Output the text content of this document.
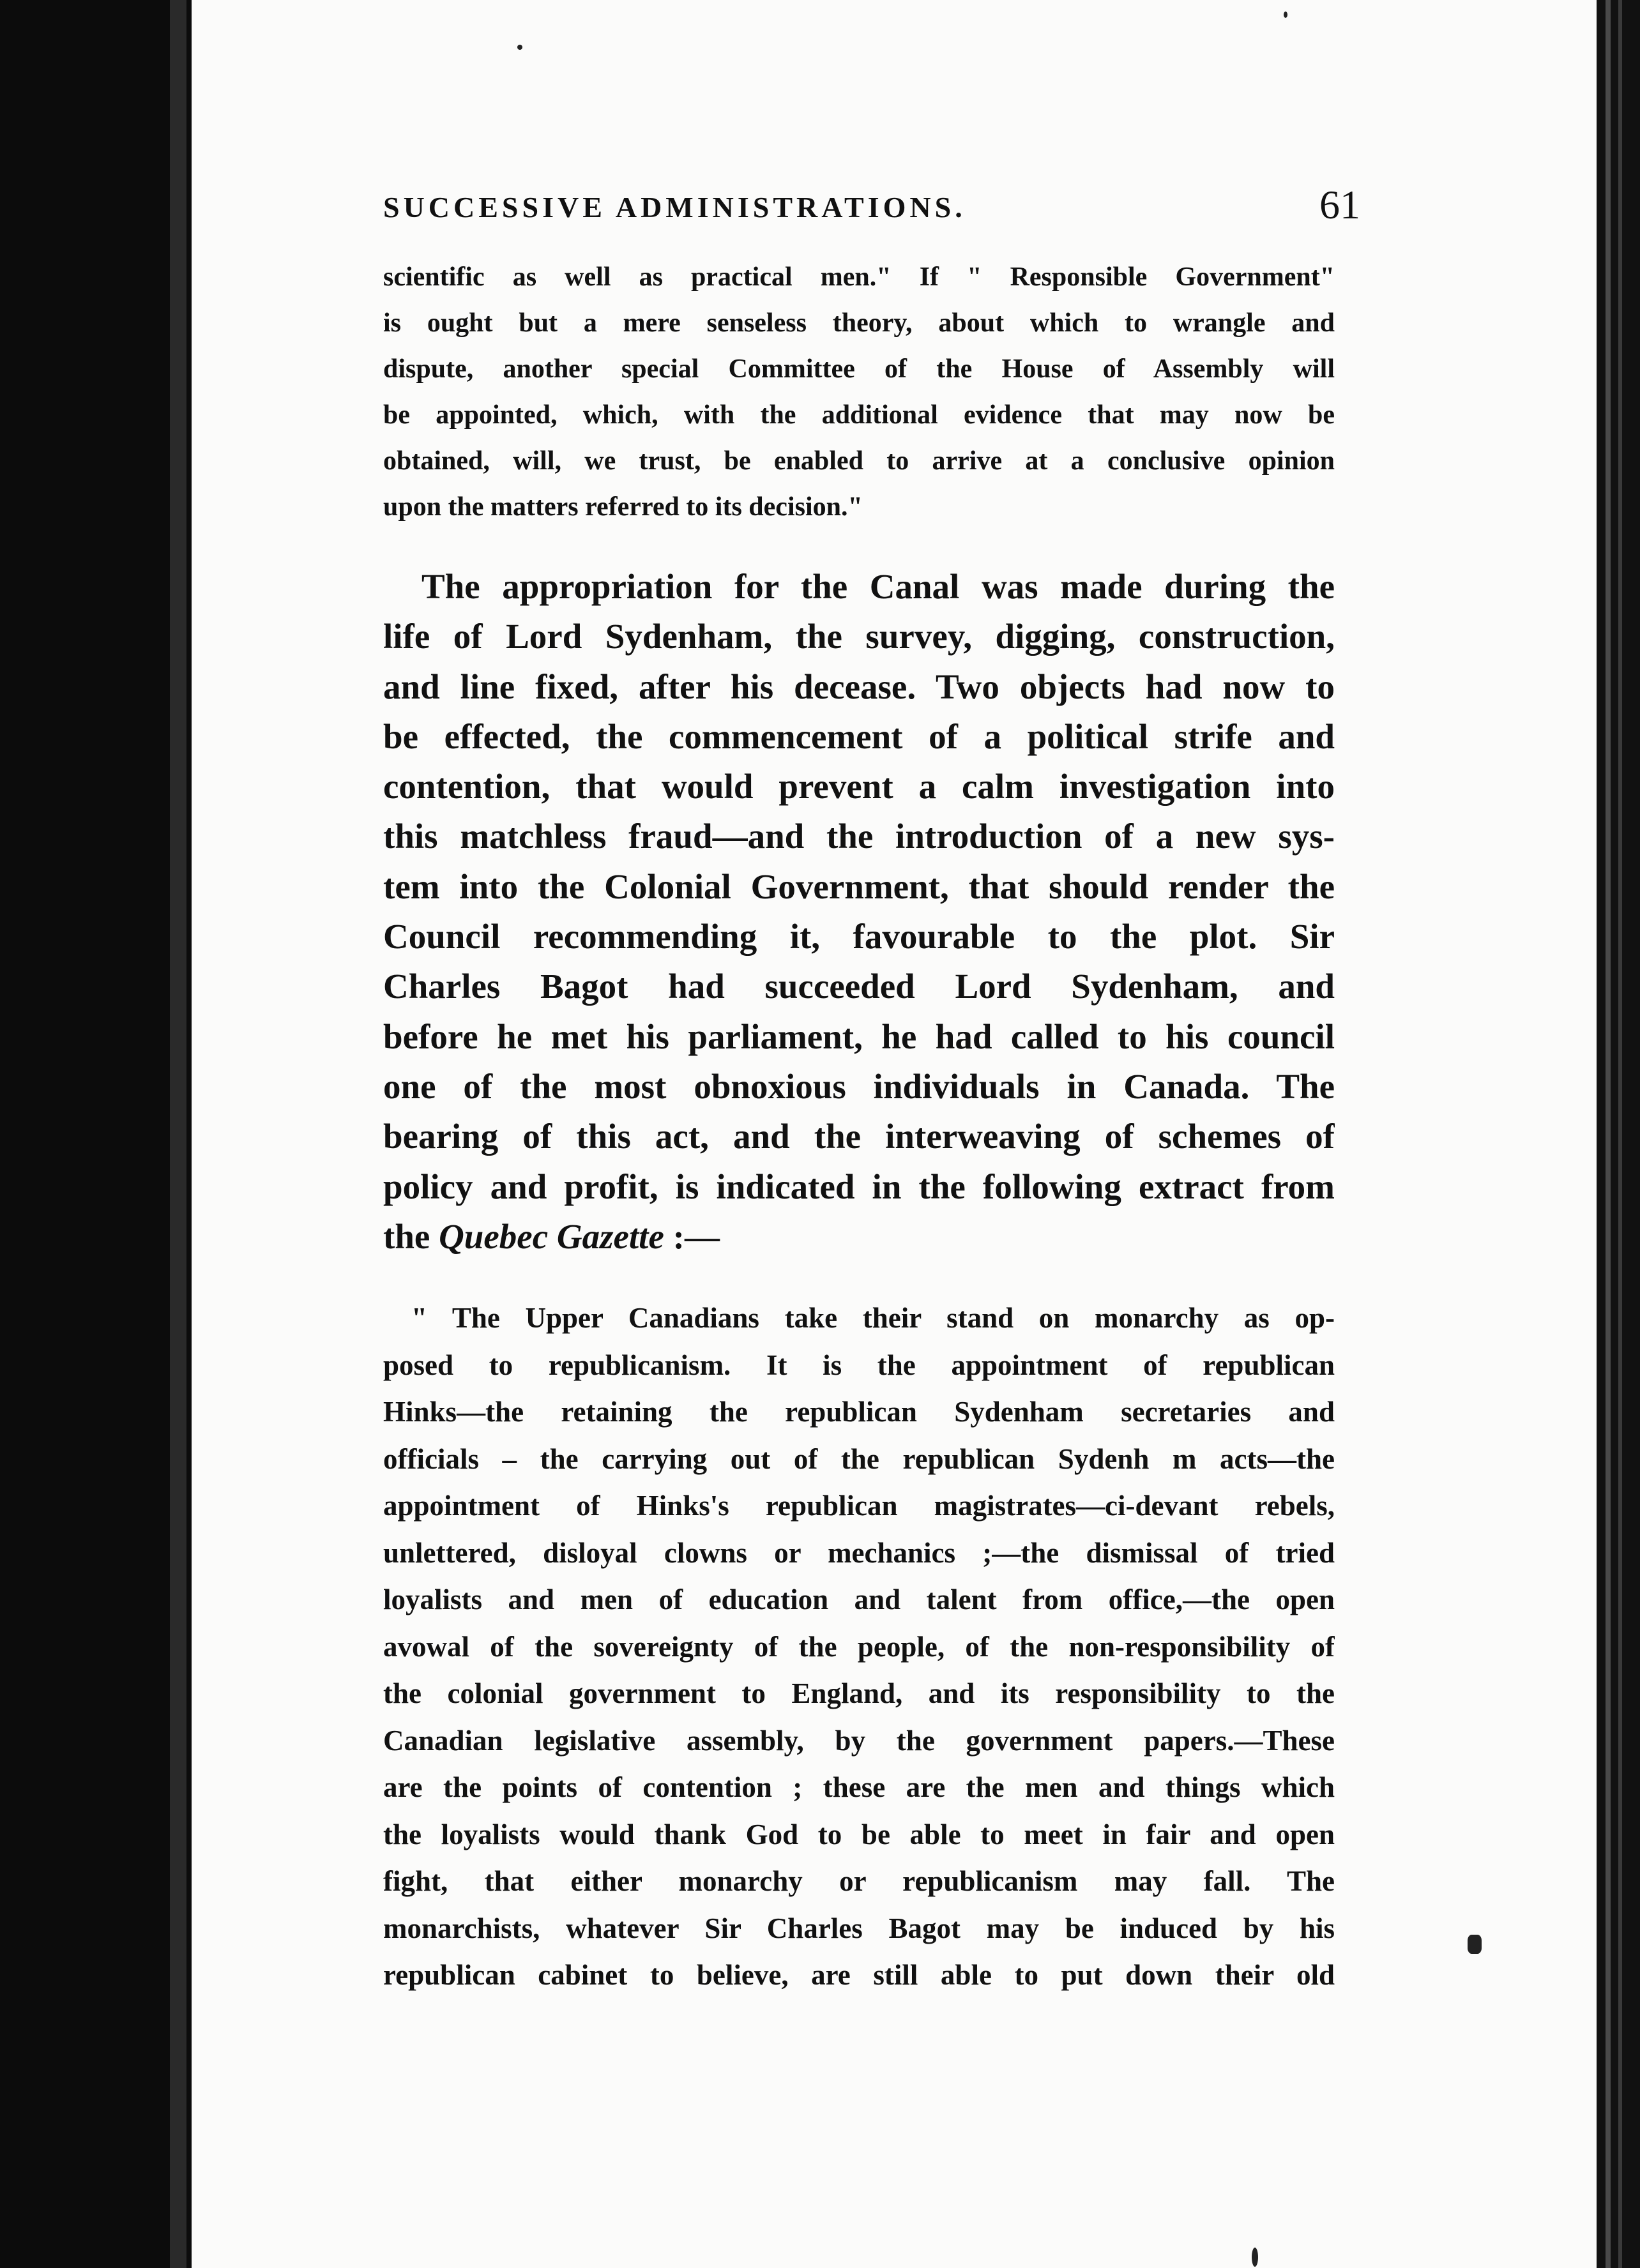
SUCCESSIVE ADMINISTRATIONS.	61
scientific as well as practical men." If " Responsible Government"
is ought but a mere senseless theory, about which to wrangle and
dispute, another special Committee of the House of Assembly will
be appointed, which, with the additional evidence that may now be
obtained, will, we trust, be enabled to arrive at a conclusive opinion
upon the matters referred to its decision."
The appropriation for the Canal was made during the
life of Lord Sydenham, the survey, digging, construction,
and line fixed, after his decease. Two objects had now to
be effected, the commencement of a political strife and
contention, that would prevent a calm investigation into
this matchless fraud—and the introduction of a new sys-
tem into the Colonial Government, that should render the
Council recommending it, favourable to the plot. Sir
Charles Bagot had succeeded Lord Sydenham, and
before he met his parliament, he had called to his council
one of the most obnoxious individuals in Canada. The
bearing of this act, and the interweaving of schemes of
policy and profit, is indicated in the following extract from
the Quebec Gazette :—
" The Upper Canadians take their stand on monarchy as op-
posed to republicanism. It is the appointment of republican
Hinks—the retaining the republican Sydenham secretaries and
officials – the carrying out of the republican Sydenh m acts—the
appointment of Hinks's republican magistrates—ci-devant rebels,
unlettered, disloyal clowns or mechanics ;—the dismissal of tried
loyalists and men of education and talent from office,—the open
avowal of the sovereignty of the people, of the non-responsibility of
the colonial government to England, and its responsibility to the
Canadian legislative assembly, by the government papers.—These
are the points of contention ; these are the men and things which
the loyalists would thank God to be able to meet in fair and open
fight, that either monarchy or republicanism may fall. The
monarchists, whatever Sir Charles Bagot may be induced by his
republican cabinet to believe, are still able to put down their old
